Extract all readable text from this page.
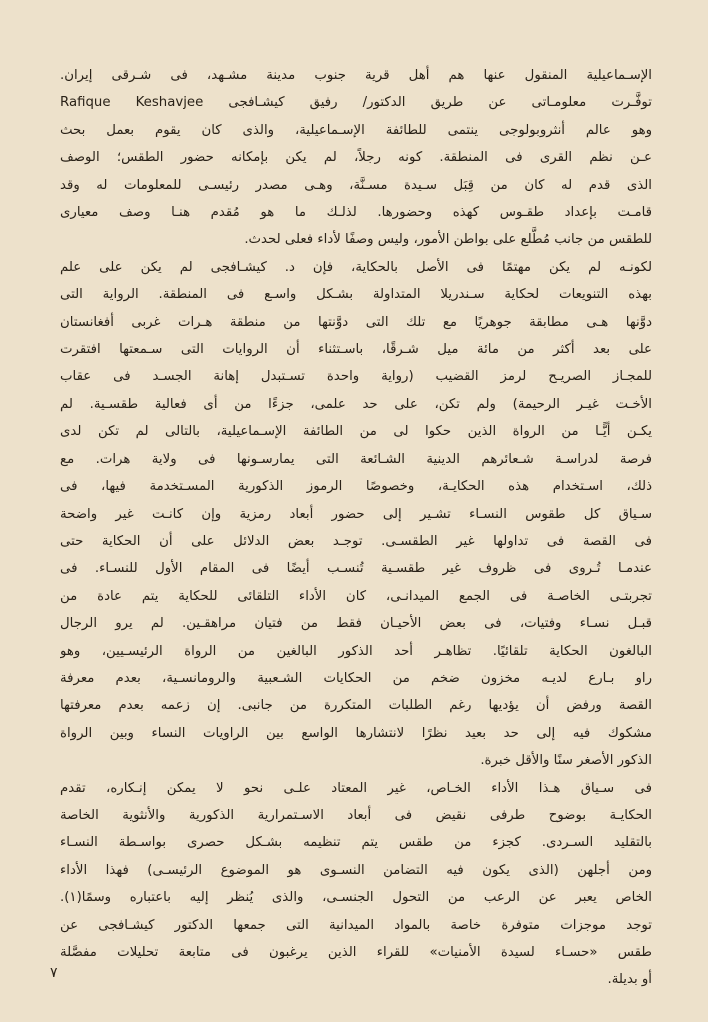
الإسـماعيلية المنقول عنها هم أهل قرية جنوب مدينة مشـهد، فى شـرقى إيران.
توفَّـرت معلومـاتى عن طريق الدكتور/ رفيق كيشـافجى Rafique Keshavjee
وهو عالم أنثروبولوجى ينتمى للطائفة الإسـماعيلية، والذى كان يقوم بعمل بحث
عـن نظم القرى فى المنطقة. كونه رجلاً، لم يكن بإمكانه حضور الطقس؛ الوصف
الذى قدم له كان من قِبَل سـيدة مسـنَّة، وهـى مصدر رئيسـى للمعلومات له وقد
قامـت بإعداد طقـوس كهذه وحضورها. لذلـك ما هو مُقدم هنـا وصف معيارى
للطقس من جانب مُطَّلع على بواطن الأمور، وليس وصفًا لأداء فعلى لحدث.
لكونـه لم يكن مهتمًا فى الأصل بالحكاية، فإن د. كيشـافجى لم يكن على علم
بهذه التنويعات لحكاية سـندريلا المتداولة بشـكل واسـع فى المنطقة. الرواية التى
دوَّنها هـى مطابقة جوهريًا مع تلك التى دوَّنتها من منطقة هـرات غربى أفغانستان
على بعد أكثر من مائة ميل شـرقًا، باسـتثناء أن الروايات التى سـمعتها افتقرت
للمجـاز الصريـح لرمز القضيب (رواية واحدة تسـتبدل إهانة الجسـد فى عقاب
الأخـت غيـر الرحيمة) ولم تكن، على حد علمى، جزءًا من أى فعالية طقسـية. لم
يكـن أيًّـا من الرواة الذين حكوا لى من الطائفة الإسـماعيلية، بالتالى لم تكن لدى
فرصة لدراسـة شـعائرهم الدينية الشـائعة التى يمارسـونها فى ولاية هرات. مع
ذلك، اسـتخدام هذه الحكايـة، وخصوصًا الرموز الذكورية المسـتخدمة فيها، فى
سـياق كل طقوس النسـاء تشـير إلى حضور أبعاد رمزية وإن كانـت غير واضحة
فى القصة فى تداولها غير الطقسـى. توجـد بعض الدلائل على أن الحكاية حتى
عندمـا تُـروى فى ظروف غير طقسـية تُنسـب أيضًا فى المقام الأول للنسـاء. فى
تجربتـى الخاصـة فى الجمع الميدانـى، كان الأداء التلقائى للحكاية يتم عادة من
قبـل نسـاء وفتيات، فى بعض الأحيـان فقط من فتيان مراهقـين. لم يرو الرجال
البالغون الحكاية تلقائيًا. تظاهـر أحد الذكور البالغين من الرواة الرئيسـيين، وهو
راو بـارع لديـه مخزون ضخم من الحكايات الشـعبية والرومانسـية، بعدم معرفة
القصة ورفض أن يؤديها رغم الطلبات المتكررة من جانبى. إن زعمه بعدم معرفتها
مشكوك فيه إلى حد بعيد نظرًا لانتشارها الواسع بين الراويات النساء وبين الرواة
الذكور الأصغر سنًا والأقل خبرة.
فى سـياق هـذا الأداء الخـاص، غير المعتاد علـى نحو لا يمكن إنـكاره، تقدم
الحكايـة بوضوح طرفى نقيض فى أبعاد الاسـتمرارية الذكورية والأنثوية الخاصة
بالتقليد السـردى. كجزء من طقس يتم تنظيمه بشـكل حصرى بواسـطة النسـاء
ومن أجلهن (الذى يكون فيه التضامن النسـوى هو الموضوع الرئيسـى) فهذا الأداء
الخاص يعبر عن الرعب من التحول الجنسـى، والذى يُنظر إليه باعتباره وسمًا(١).
توجد موجزات متوفرة خاصة بالمواد الميدانية التى جمعها الدكتور كيشـافجى عن
طقس «حسـاء لسيدة الأمنيات» للقراء الذين يرغبون فى متابعة تحليلات مفصَّلة
أو بديلة.
٧
